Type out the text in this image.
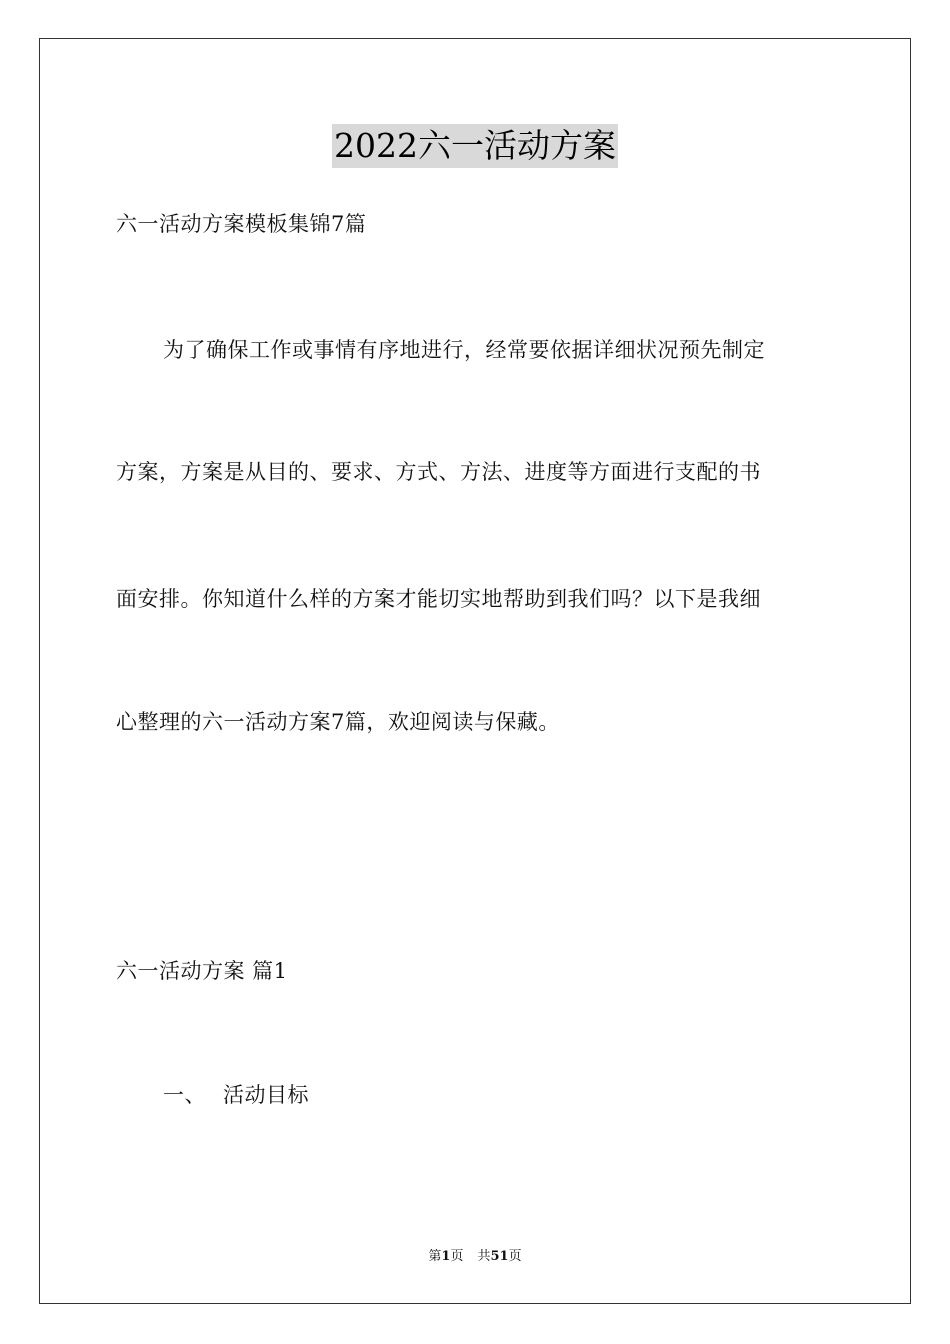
2022六一活动方案
六一活动方案模板集锦7篇
为了确保工作或事情有序地进行，经常要依据详细状况预先制定
方案，方案是从目的、要求、方式、方法、进度等方面进行支配的书
面安排。你知道什么样的方案才能切实地帮助到我们吗？以下是我细
心整理的六一活动方案7篇，欢迎阅读与保藏。
六一活动方案 篇1
一、 活动目标
第1页 共51页
